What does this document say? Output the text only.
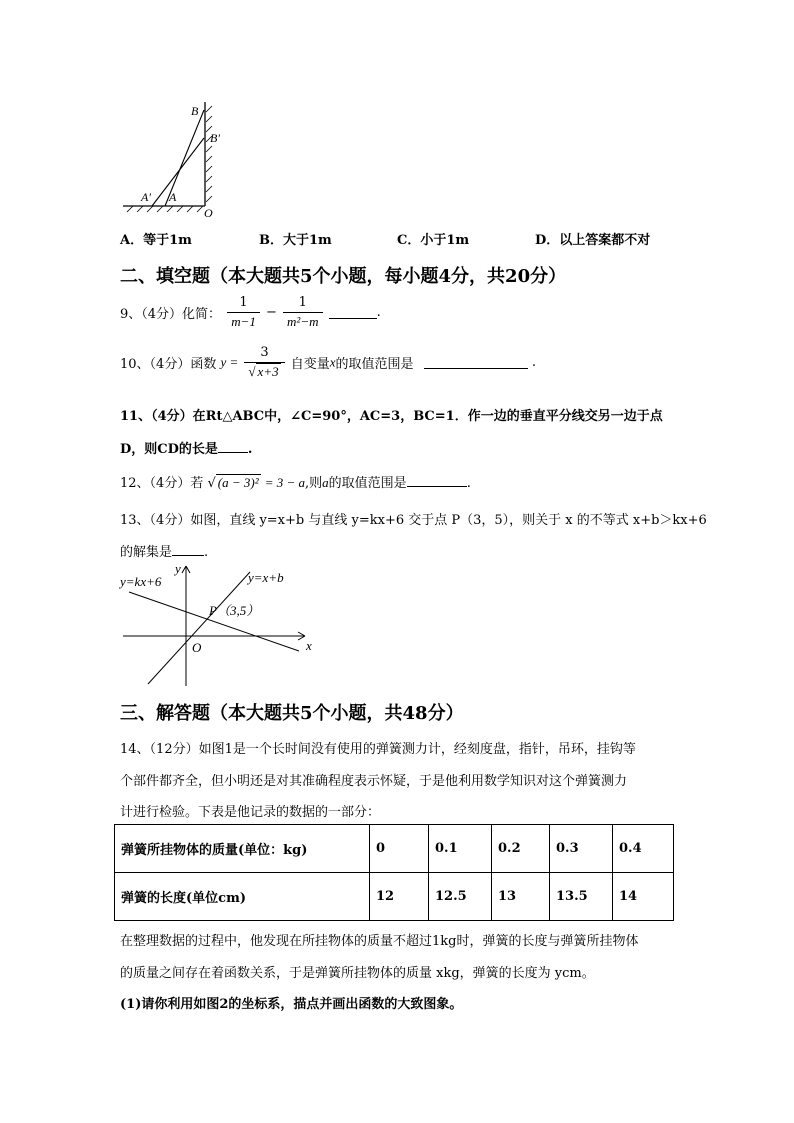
B
B′
A′ A
O
A．等于1m	B．大于1m	C．小于1m	D．以上答案都不对
二、填空题（本大题共5个小题，每小题4分，共20分）
9、（4分）化简： $\frac{1}{m-1} - \frac{1}{\text{m²−m}}$	.
10、（4分）函数 $y = \frac{3}{√ x+3}$ 自变量x的取值范围是	.
11、（4分）在Rt△ABC中，∠C=90°，AC=3，BC=1．作一边的垂直平分线交另一边于点
D，则CD的长是 .
12、（4分）若 √ (a − 3)² = 3 − a,则a的取值范围是	.
13、（4分）如图，直线 y=x+b 与直线 y=kx+6 交于点 P（3，5），则关于 x 的不等式 x+b＞kx+6
的解集是 .
y
x
O
y=kx+6	y=x+b
P（3,5）
三、解答题（本大题共5个小题，共48分）
14、（12分）如图1是一个长时间没有使用的弹簧测力计，经刻度盘，指针，吊环，挂钩等
个部件都齐全，但小明还是对其准确程度表示怀疑，于是他利用数学知识对这个弹簧测力
计进行检验。下表是他记录的数据的一部分：
弹簧所挂物体的质量(单位：kg)	0	0.1	0.2	0.3	0.4
弹簧的长度(单位cm)	12	12.5	13	13.5	14
在整理数据的过程中，他发现在所挂物体的质量不超过1kg时，弹簧的长度与弹簧所挂物体
的质量之间存在着函数关系，于是弹簧所挂物体的质量 xkg，弹簧的长度为 ycm。
(1)请你利用如图2的坐标系，描点并画出函数的大致图象。
